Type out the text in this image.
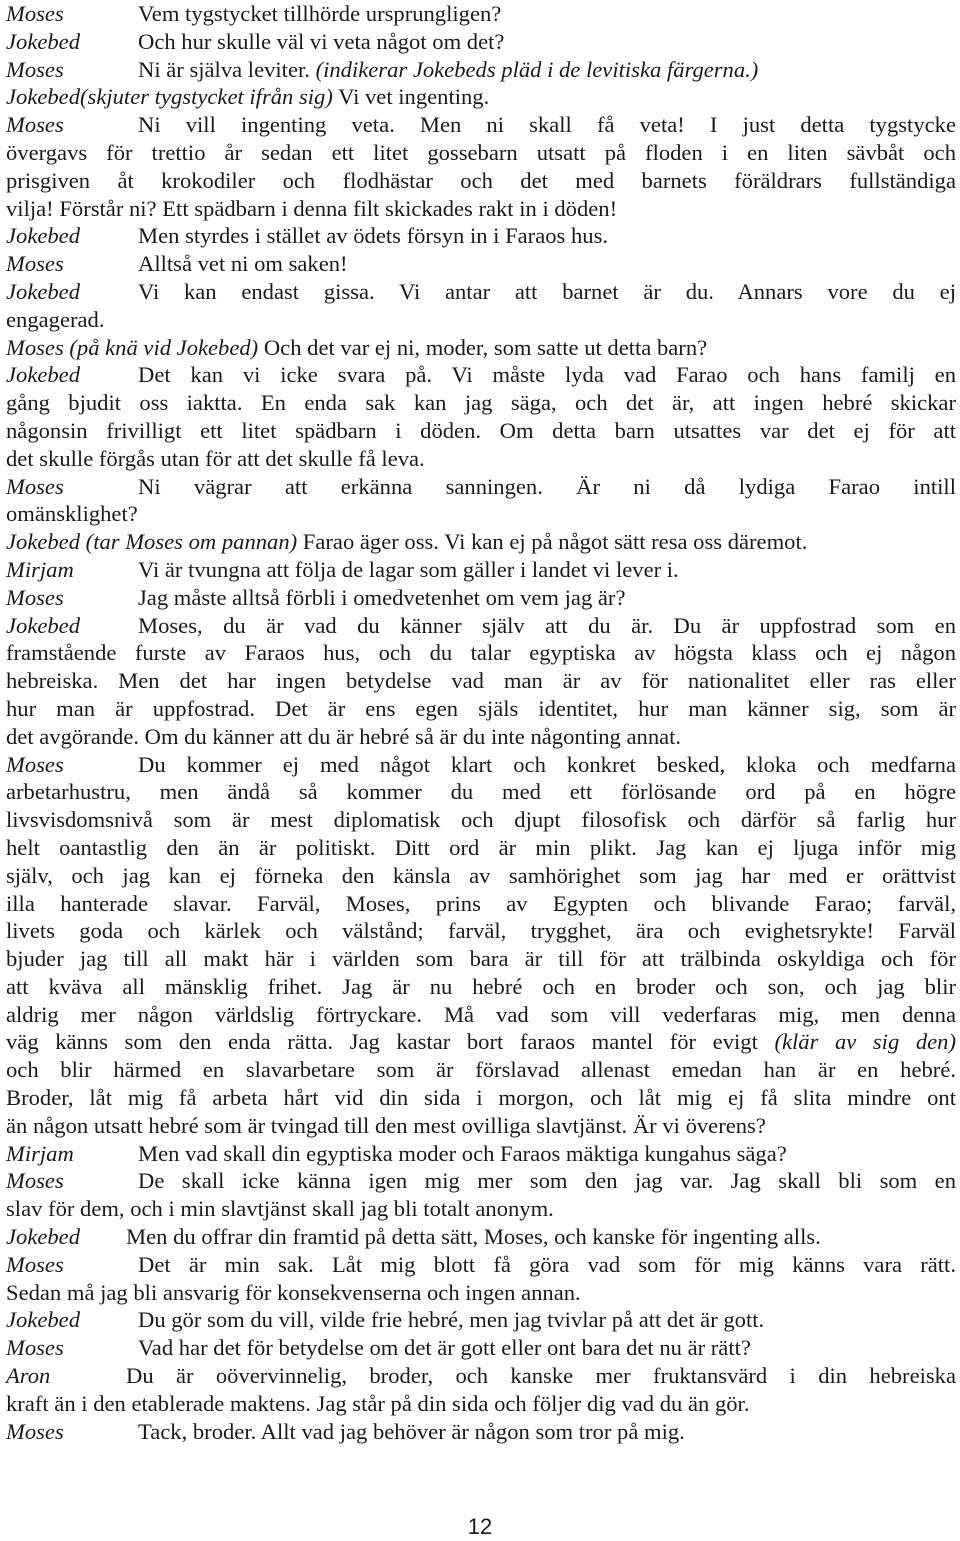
Moses	Vem tygstycket tillhörde ursprungligen?
Jokebed	Och hur skulle väl vi veta något om det?
Moses	Ni är själva leviter. (indikerar Jokebeds pläd i de levitiska färgerna.)
Jokebed(skjuter tygstycket ifrån sig) Vi vet ingenting.
Moses	Ni vill ingenting veta. Men ni skall få veta! I just detta tygstycke
övergavs för trettio år sedan ett litet gossebarn utsatt på floden i en liten sävbåt och
prisgiven åt krokodiler och flodhästar och det med barnets föräldrars fullständiga
vilja! Förstår ni? Ett spädbarn i denna filt skickades rakt in i döden!
Jokebed	Men styrdes i stället av ödets försyn in i Faraos hus.
Moses	Alltså vet ni om saken!
Jokebed	Vi kan endast gissa. Vi antar att barnet är du. Annars vore du ej
engagerad.
Moses (på knä vid Jokebed) Och det var ej ni, moder, som satte ut detta barn?
Jokebed	Det kan vi icke svara på. Vi måste lyda vad Farao och hans familj en
gång bjudit oss iaktta. En enda sak kan jag säga, och det är, att ingen hebré skickar
någonsin frivilligt ett litet spädbarn i döden. Om detta barn utsattes var det ej för att
det skulle förgås utan för att det skulle få leva.
Moses	Ni vägrar att erkänna sanningen. Är ni då lydiga Farao intill
omänsklighet?
Jokebed (tar Moses om pannan) Farao äger oss. Vi kan ej på något sätt resa oss däremot.
Mirjam	Vi är tvungna att följa de lagar som gäller i landet vi lever i.
Moses	Jag måste alltså förbli i omedvetenhet om vem jag är?
Jokebed	Moses, du är vad du känner själv att du är. Du är uppfostrad som en
framstående furste av Faraos hus, och du talar egyptiska av högsta klass och ej någon
hebreiska. Men det har ingen betydelse vad man är av för nationalitet eller ras eller
hur man är uppfostrad. Det är ens egen själs identitet, hur man känner sig, som är
det avgörande. Om du känner att du är hebré så är du inte någonting annat.
Moses	Du kommer ej med något klart och konkret besked, kloka och medfarna
arbetarhustru, men ändå så kommer du med ett förlösande ord på en högre
livsvisdomsnivå som är mest diplomatisk och djupt filosofisk och därför så farlig hur
helt oantastlig den än är politiskt. Ditt ord är min plikt. Jag kan ej ljuga inför mig
själv, och jag kan ej förneka den känsla av samhörighet som jag har med er orättvist
illa hanterade slavar. Farväl, Moses, prins av Egypten och blivande Farao; farväl,
livets goda och kärlek och välstånd; farväl, trygghet, ära och evighetsrykte! Farväl
bjuder jag till all makt här i världen som bara är till för att trälbinda oskyldiga och för
att kväva all mänsklig frihet. Jag är nu hebré och en broder och son, och jag blir
aldrig mer någon världslig förtryckare. Må vad som vill vederfaras mig, men denna
väg känns som den enda rätta. Jag kastar bort faraos mantel för evigt (klär av sig den)
och blir härmed en slavarbetare som är förslavad allenast emedan han är en hebré.
Broder, låt mig få arbeta hårt vid din sida i morgon, och låt mig ej få slita mindre ont
än någon utsatt hebré som är tvingad till den mest ovilliga slavtjänst. Är vi överens?
Mirjam	Men vad skall din egyptiska moder och Faraos mäktiga kungahus säga?
Moses	De skall icke känna igen mig mer som den jag var. Jag skall bli som en
slav för dem, och i min slavtjänst skall jag bli totalt anonym.
Jokebed Men du offrar din framtid på detta sätt, Moses, och kanske för ingenting alls.
Moses	Det är min sak. Låt mig blott få göra vad som för mig känns vara rätt.
Sedan må jag bli ansvarig för konsekvenserna och ingen annan.
Jokebed	Du gör som du vill, vilde frie hebré, men jag tvivlar på att det är gott.
Moses	Vad har det för betydelse om det är gott eller ont bara det nu är rätt?
Aron	Du är oövervinnelig, broder, och kanske mer fruktansvärd i din hebreiska
kraft än i den etablerade maktens. Jag står på din sida och följer dig vad du än gör.
Moses	Tack, broder. Allt vad jag behöver är någon som tror på mig.
12
